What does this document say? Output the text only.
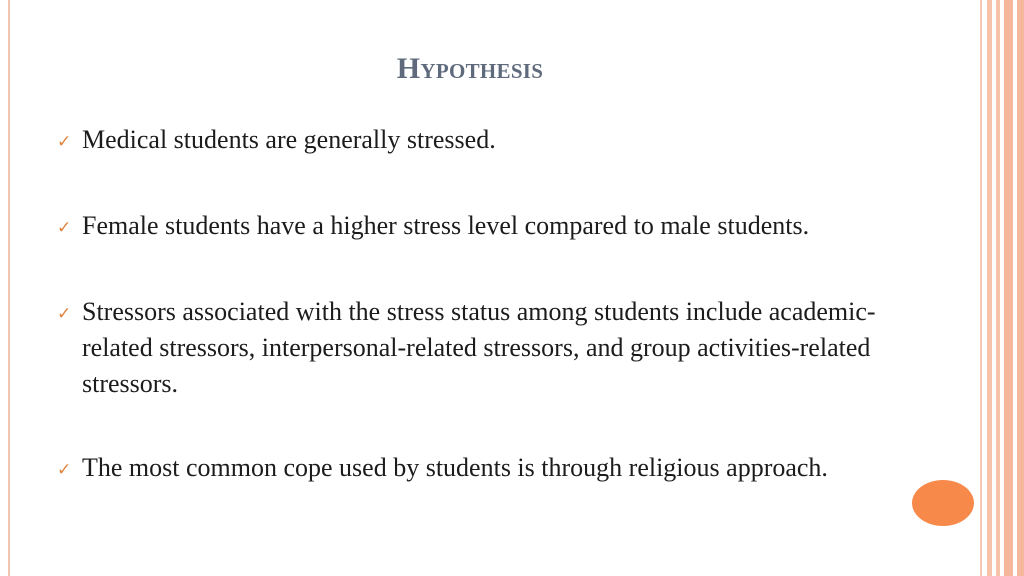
Hypothesis
✓ Medical students are generally stressed.
✓ Female students have a higher stress level compared to male students.
✓ Stressors associated with the stress status among students include academic-related stressors, interpersonal-related stressors, and group activities-related stressors.
✓ The most common cope used by students is through religious approach.
